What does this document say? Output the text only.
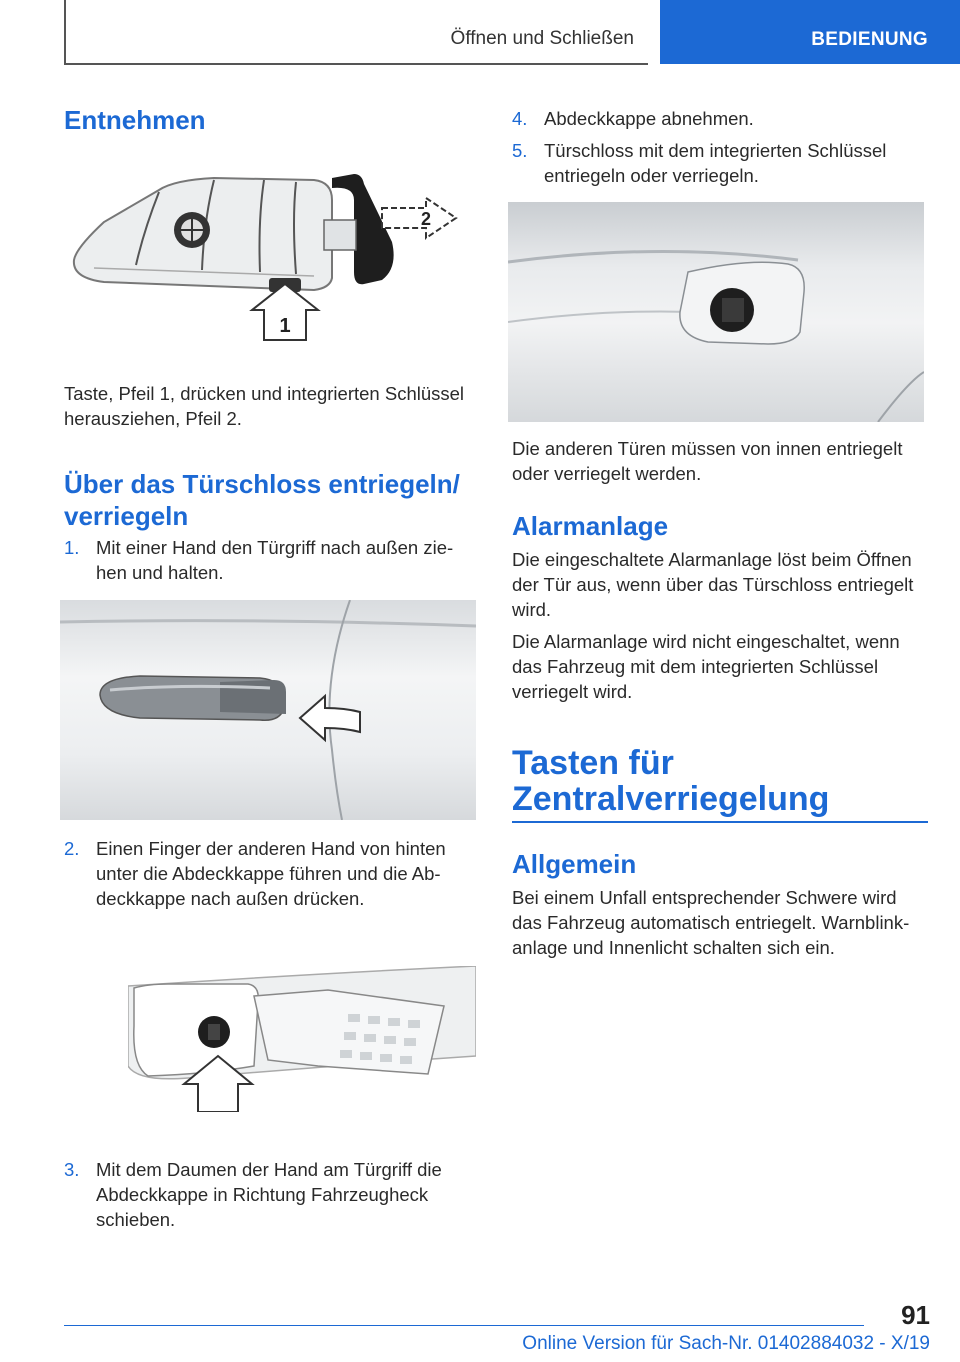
Öffnen und Schließen	BEDIENUNG
Entnehmen
1
2

Taste, Pfeil 1, drücken und integrierten Schlüssel herausziehen, Pfeil 2.

Über das Türschloss entriegeln/
verriegeln
1. Mit einer Hand den Türgriff nach außen zie-
hen und halten.
2. Einen Finger der anderen Hand von hinten
unter die Abdeckkappe führen und die Ab-
deckkappe nach außen drücken.
3. Mit dem Daumen der Hand am Türgriff die
Abdeckkappe in Richtung Fahrzeugheck
schieben.
4. Abdeckkappe abnehmen.
5. Türschloss mit dem integrierten Schlüssel
entriegeln oder verriegeln.

Die anderen Türen müssen von innen entriegelt

oder verriegelt werden.

Alarmanlage

Die eingeschaltete Alarmanlage löst beim Öffnen

der Tür aus, wenn über das Türschloss entriegelt

wird.

Die Alarmanlage wird nicht eingeschaltet, wenn

das Fahrzeug mit dem integrierten Schlüssel

verriegelt wird.

Tasten für
Zentralverriegelung
Allgemein

Bei einem Unfall entsprechender Schwere wird

das Fahrzeug automatisch entriegelt. Warnblink-

anlage und Innenlicht schalten sich ein.

91
Online Version für Sach-Nr. 01402884032 - X/19
